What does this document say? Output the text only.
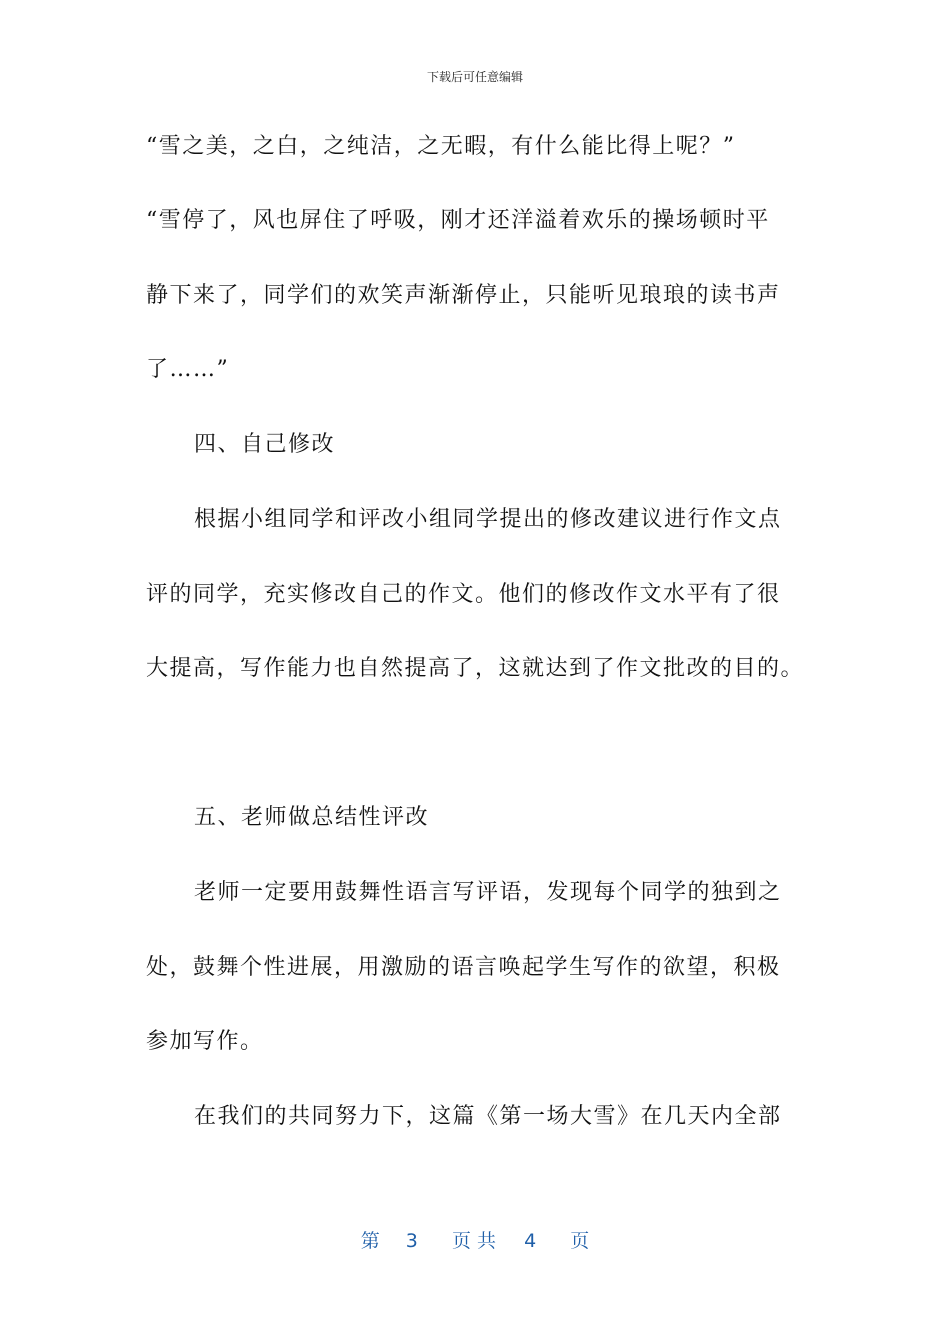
下载后可任意编辑
“雪之美，之白，之纯洁，之无暇，有什么能比得上呢？”
“雪停了，风也屏住了呼吸，刚才还洋溢着欢乐的操场顿时平
静下来了，同学们的欢笑声渐渐停止，只能听见琅琅的读书声
了……”
四、自己修改
根据小组同学和评改小组同学提出的修改建议进行作文点
评的同学，充实修改自己的作文。他们的修改作文水平有了很
大提高，写作能力也自然提高了，这就达到了作文批改的目的。
五、老师做总结性评改
老师一定要用鼓舞性语言写评语，发现每个同学的独到之
处，鼓舞个性进展，用激励的语言唤起学生写作的欲望，积极
参加写作。
在我们的共同努力下，这篇《第一场大雪》在几天内全部
第 3 页共 4 页
